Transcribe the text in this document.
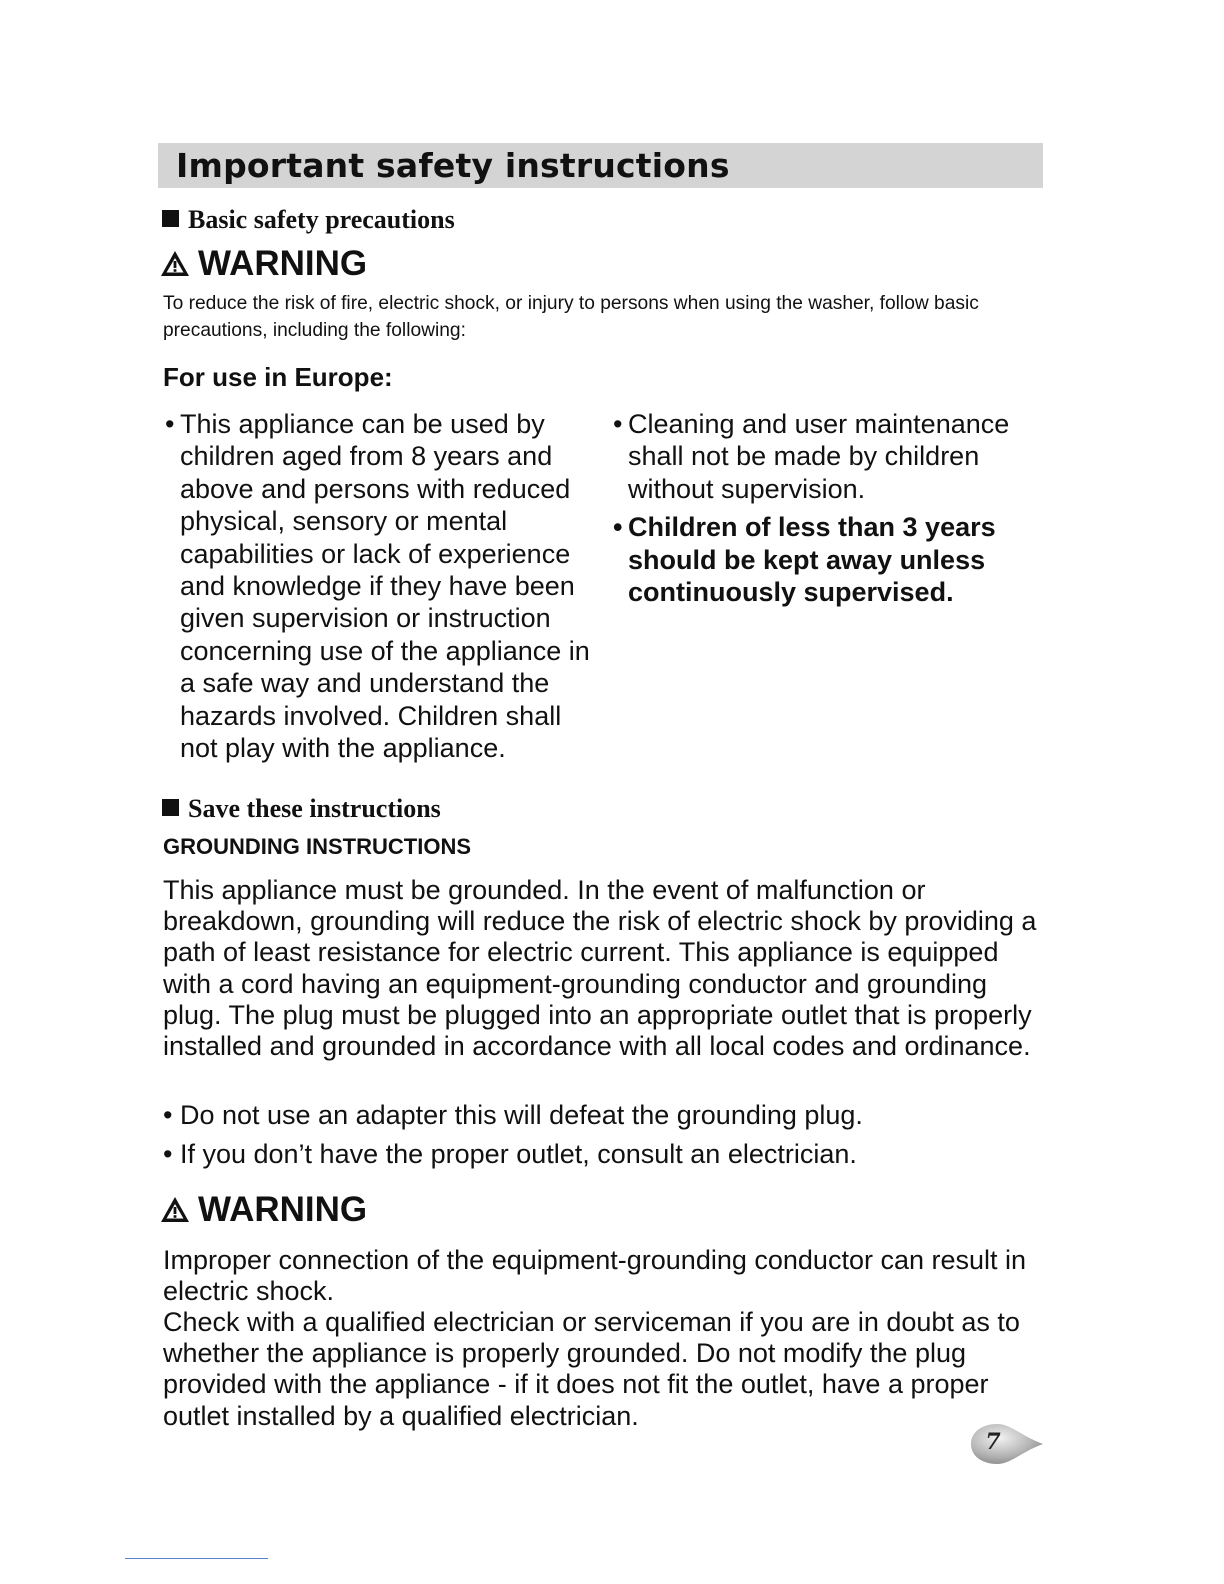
Important safety instructions
Basic safety precautions
WARNING
To reduce the risk of fire, electric shock, or injury to persons when using the washer, follow basic precautions, including the following:
For use in Europe:
• This appliance can be used by children aged from 8 years and above and persons with reduced physical, sensory or mental capabilities or lack of experience and knowledge if they have been given supervision or instruction concerning use of the appliance in a safe way and understand the hazards involved. Children shall not play with the appliance.
• Cleaning and user maintenance shall not be made by children without supervision.
• Children of less than 3 years should be kept away unless continuously supervised.
Save these instructions
GROUNDING INSTRUCTIONS
This appliance must be grounded. In the event of malfunction or breakdown, grounding will reduce the risk of electric shock by providing a path of least resistance for electric current. This appliance is equipped with a cord having an equipment-grounding conductor and grounding plug. The plug must be plugged into an appropriate outlet that is properly installed and grounded in accordance with all local codes and ordinance.
• Do not use an adapter this will defeat the grounding plug.
• If you don’t have the proper outlet, consult an electrician.
WARNING
Improper connection of the equipment-grounding conductor can result in electric shock.
Check with a qualified electrician or serviceman if you are in doubt as to whether the appliance is properly grounded. Do not modify the plug provided with the appliance - if it does not fit the outlet, have a proper outlet installed by a qualified electrician.
7
